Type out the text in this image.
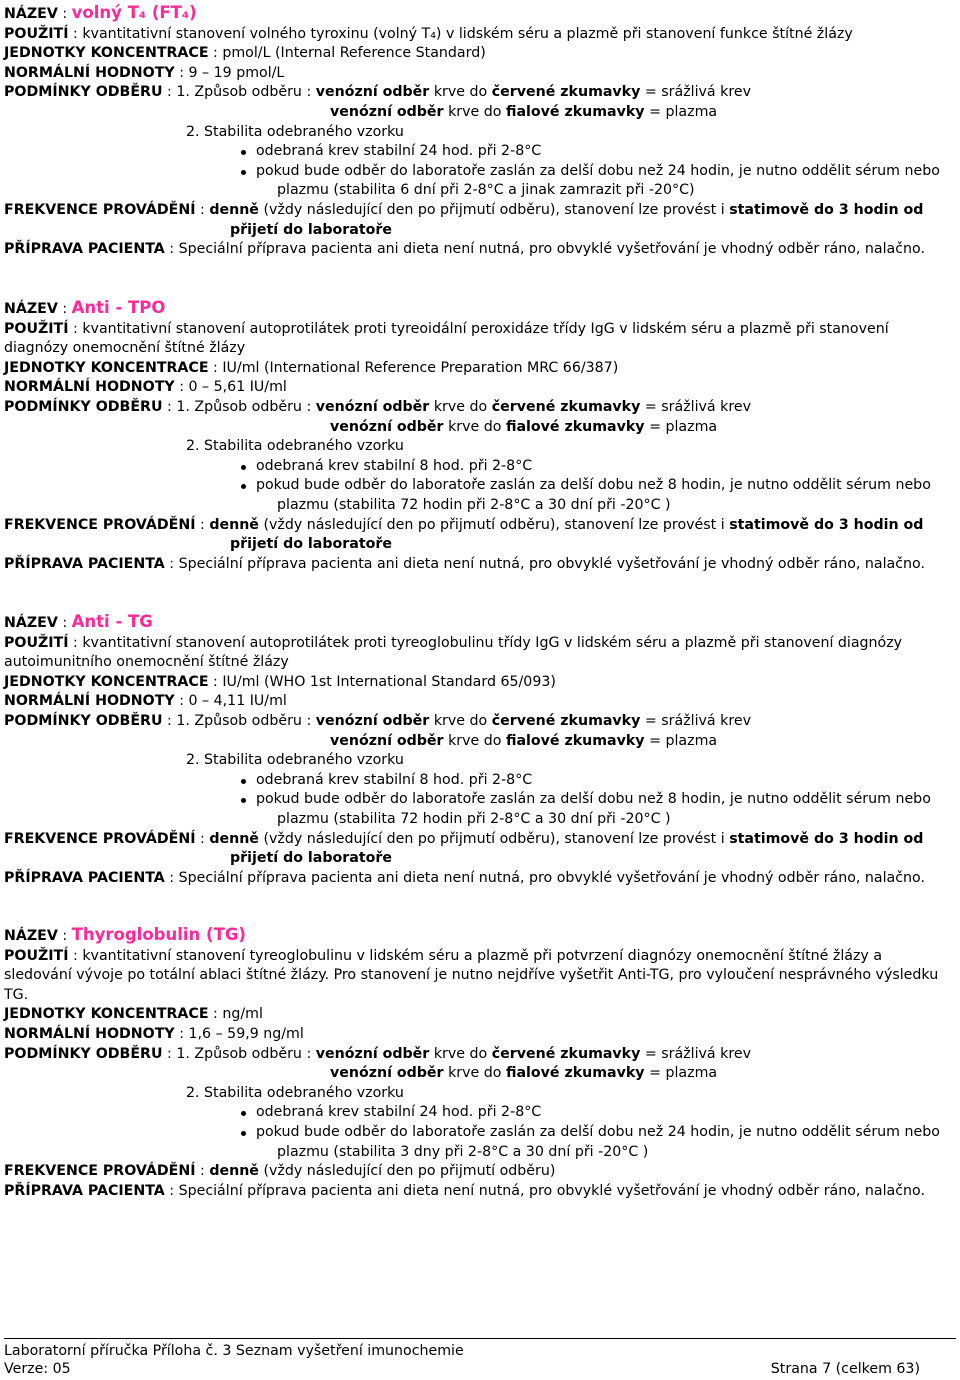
NÁZEV : volný T₄ (FT₄)
POUŽITÍ : kvantitativní stanovení volného tyroxinu (volný T₄) v lidském séru a plazmě při stanovení funkce štítné žlázy
JEDNOTKY KONCENTRACE : pmol/L (Internal Reference Standard)
NORMÁLNÍ HODNOTY : 9 – 19 pmol/L
PODMÍNKY ODBĚRU : 1. Způsob odběru : venózní odběr krve do červené zkumavky = srážlivá krev
venózní odběr krve do fialové zkumavky = plazma
2. Stabilita odebraného vzorku
odebraná krev stabilní 24 hod. při 2-8°C
pokud bude odběr do laboratoře zaslán za delší dobu než 24 hodin, je nutno oddělit sérum nebo
plazmu (stabilita 6 dní při 2-8°C a jinak zamrazit při -20°C)
FREKVENCE PROVÁDĚNÍ : denně (vždy následující den po přijmutí odběru), stanovení lze provést i statimově do 3 hodin od
přijetí do laboratoře
PŘÍPRAVA PACIENTA : Speciální příprava pacienta ani dieta není nutná, pro obvyklé vyšetřování je vhodný odběr ráno, nalačno.
NÁZEV : Anti - TPO
POUŽITÍ : kvantitativní stanovení autoprotilátek proti tyreoidální peroxidáze třídy IgG v lidském séru a plazmě při stanovení
diagnózy onemocnění štítné žlázy
JEDNOTKY KONCENTRACE : IU/ml (International Reference Preparation MRC 66/387)
NORMÁLNÍ HODNOTY : 0 – 5,61 IU/ml
PODMÍNKY ODBĚRU : 1. Způsob odběru : venózní odběr krve do červené zkumavky = srážlivá krev
venózní odběr krve do fialové zkumavky = plazma
2. Stabilita odebraného vzorku
odebraná krev stabilní 8 hod. při 2-8°C
pokud bude odběr do laboratoře zaslán za delší dobu než 8 hodin, je nutno oddělit sérum nebo
plazmu (stabilita 72 hodin při 2-8°C a 30 dní při -20°C )
FREKVENCE PROVÁDĚNÍ : denně (vždy následující den po přijmutí odběru), stanovení lze provést i statimově do 3 hodin od
přijetí do laboratoře
PŘÍPRAVA PACIENTA : Speciální příprava pacienta ani dieta není nutná, pro obvyklé vyšetřování je vhodný odběr ráno, nalačno.
NÁZEV : Anti - TG
POUŽITÍ : kvantitativní stanovení autoprotilátek proti tyreoglobulinu třídy IgG v lidském séru a plazmě při stanovení diagnózy
autoimunitního onemocnění štítné žlázy
JEDNOTKY KONCENTRACE : IU/ml (WHO 1st International Standard 65/093)
NORMÁLNÍ HODNOTY : 0 – 4,11 IU/ml
PODMÍNKY ODBĚRU : 1. Způsob odběru : venózní odběr krve do červené zkumavky = srážlivá krev
venózní odběr krve do fialové zkumavky = plazma
2. Stabilita odebraného vzorku
odebraná krev stabilní 8 hod. při 2-8°C
pokud bude odběr do laboratoře zaslán za delší dobu než 8 hodin, je nutno oddělit sérum nebo
plazmu (stabilita 72 hodin při 2-8°C a 30 dní při -20°C )
FREKVENCE PROVÁDĚNÍ : denně (vždy následující den po přijmutí odběru), stanovení lze provést i statimově do 3 hodin od
přijetí do laboratoře
PŘÍPRAVA PACIENTA : Speciální příprava pacienta ani dieta není nutná, pro obvyklé vyšetřování je vhodný odběr ráno, nalačno.
NÁZEV : Thyroglobulin (TG)
POUŽITÍ : kvantitativní stanovení tyreoglobulinu v lidském séru a plazmě při potvrzení diagnózy onemocnění štítné žlázy a
sledování vývoje po totální ablaci štítné žlázy. Pro stanovení je nutno nejdříve vyšetřit Anti-TG, pro vyloučení nesprávného výsledku
TG.
JEDNOTKY KONCENTRACE : ng/ml
NORMÁLNÍ HODNOTY : 1,6 – 59,9 ng/ml
PODMÍNKY ODBĚRU : 1. Způsob odběru : venózní odběr krve do červené zkumavky = srážlivá krev
venózní odběr krve do fialové zkumavky = plazma
2. Stabilita odebraného vzorku
odebraná krev stabilní 24 hod. při 2-8°C
pokud bude odběr do laboratoře zaslán za delší dobu než 24 hodin, je nutno oddělit sérum nebo
plazmu (stabilita 3 dny při 2-8°C a 30 dní při -20°C )
FREKVENCE PROVÁDĚNÍ : denně (vždy následující den po přijmutí odběru)
PŘÍPRAVA PACIENTA : Speciální příprava pacienta ani dieta není nutná, pro obvyklé vyšetřování je vhodný odběr ráno, nalačno.
Laboratorní příručka Příloha č. 3 Seznam vyšetření imunochemie
Verze: 05	Strana 7 (celkem 63)
